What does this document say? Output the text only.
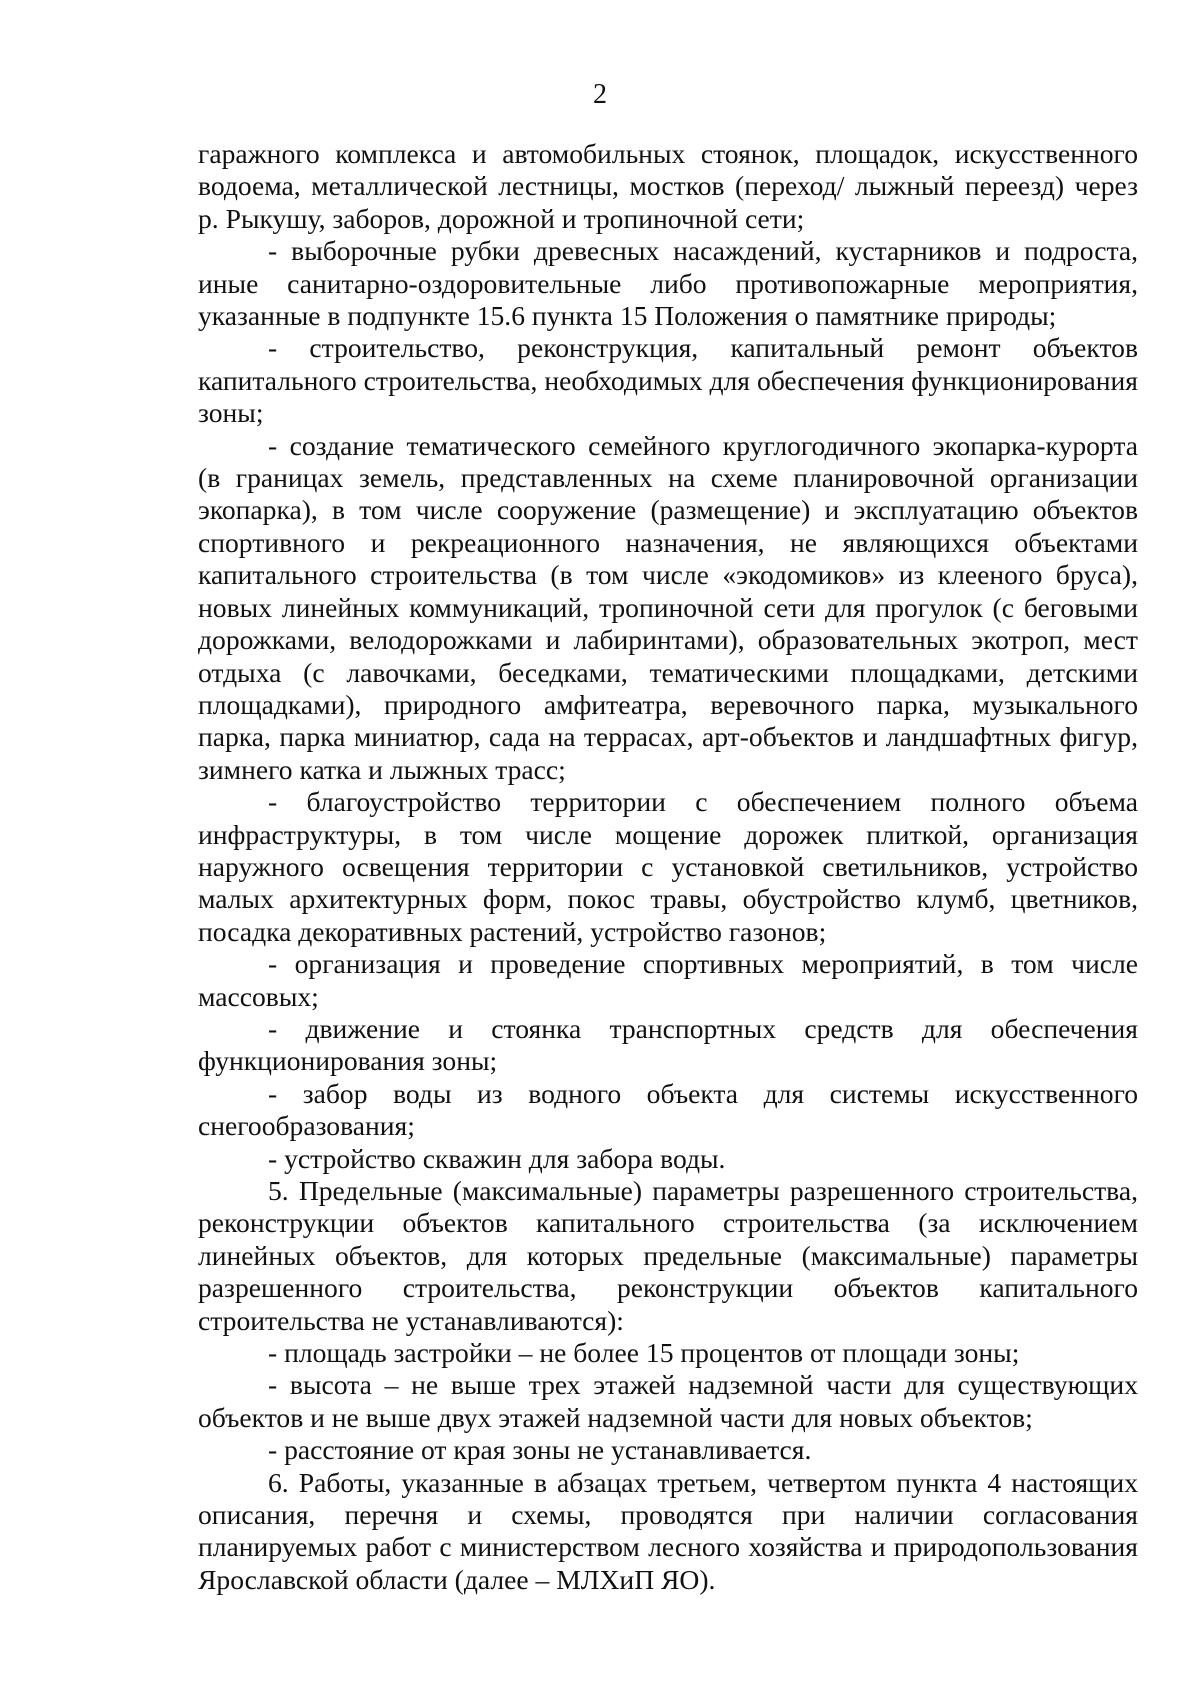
2

гаражного комплекса и автомобильных стоянок, площадок, искусственного водоема, металлической лестницы, мостков (переход/ лыжный переезд) через р. Рыкушу, заборов, дорожной и тропиночной сети;

- выборочные рубки древесных насаждений, кустарников и подроста, иные санитарно-оздоровительные либо противопожарные мероприятия, указанные в подпункте 15.6 пункта 15 Положения о памятнике природы;

- строительство, реконструкция, капитальный ремонт объектов капитального строительства, необходимых для обеспечения функционирования зоны;

- создание тематического семейного круглогодичного экопарка-курорта (в границах земель, представленных на схеме планировочной организации экопарка), в том числе сооружение (размещение) и эксплуатацию объектов спортивного и рекреационного назначения, не являющихся объектами капитального строительства (в том числе «экодомиков» из клееного бруса), новых линейных коммуникаций, тропиночной сети для прогулок (с беговыми дорожками, велодорожками и лабиринтами), образовательных экотроп, мест отдыха (с лавочками, беседками, тематическими площадками, детскими площадками), природного амфитеатра, веревочного парка, музыкального парка, парка миниатюр, сада на террасах, арт-объектов и ландшафтных фигур, зимнего катка и лыжных трасс;

- благоустройство территории с обеспечением полного объема инфраструктуры, в том числе мощение дорожек плиткой, организация наружного освещения территории с установкой светильников, устройство малых архитектурных форм, покос травы, обустройство клумб, цветников, посадка декоративных растений, устройство газонов;

- организация и проведение спортивных мероприятий, в том числе массовых;

- движение и стоянка транспортных средств для обеспечения функционирования зоны;

- забор воды из водного объекта для системы искусственного снегообразования;

- устройство скважин для забора воды.

5. Предельные (максимальные) параметры разрешенного строительства, реконструкции объектов капитального строительства (за исключением линейных объектов, для которых предельные (максимальные) параметры разрешенного строительства, реконструкции объектов капитального строительства не устанавливаются):

- площадь застройки – не более 15 процентов от площади зоны;

- высота – не выше трех этажей надземной части для существующих объектов и не выше двух этажей надземной части для новых объектов;

- расстояние от края зоны не устанавливается.

6. Работы, указанные в абзацах третьем, четвертом пункта 4 настоящих описания, перечня и схемы, проводятся при наличии согласования планируемых работ с министерством лесного хозяйства и природопользования Ярославской области (далее – МЛХиП ЯО).
